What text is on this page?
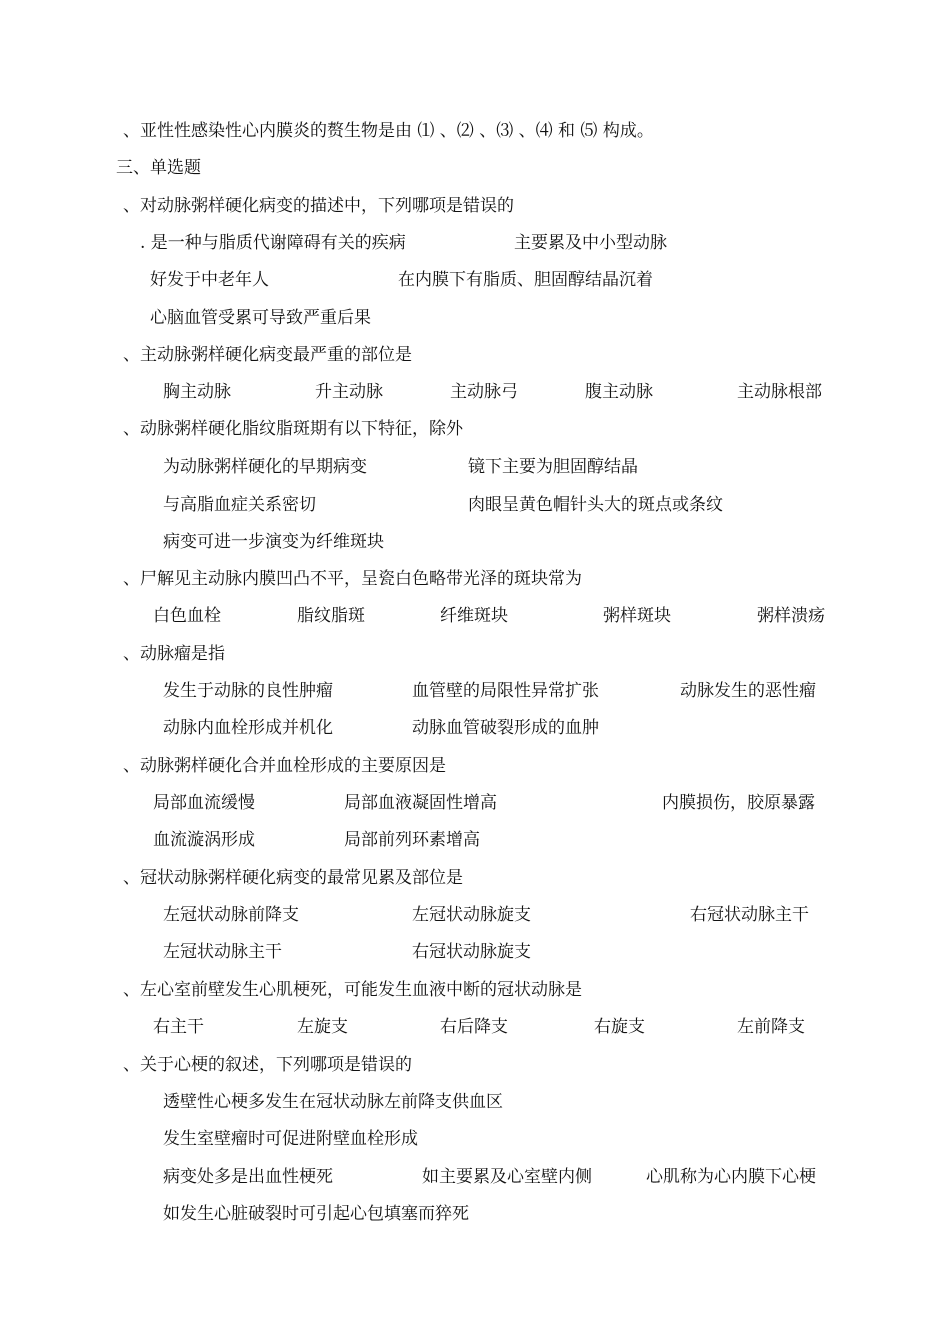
、亚性性感染性心内膜炎的赘生物是由 ⑴ 、⑵ 、⑶ 、⑷ 和 ⑸ 构成。
三、单选题
、对动脉粥样硬化病变的描述中，下列哪项是错误的
. 是一种与脂质代谢障碍有关的疾病	主要累及中小型动脉
好发于中老年人	在内膜下有脂质、胆固醇结晶沉着
心脑血管受累可导致严重后果
、主动脉粥样硬化病变最严重的部位是
胸主动脉	升主动脉	主动脉弓	腹主动脉	主动脉根部
、动脉粥样硬化脂纹脂斑期有以下特征，除外
为动脉粥样硬化的早期病变	镜下主要为胆固醇结晶
与高脂血症关系密切	肉眼呈黄色帽针头大的斑点或条纹
病变可进一步演变为纤维斑块
、尸解见主动脉内膜凹凸不平，呈瓷白色略带光泽的斑块常为
白色血栓	脂纹脂斑	纤维斑块	粥样斑块	粥样溃疡
、动脉瘤是指
发生于动脉的良性肿瘤	血管壁的局限性异常扩张	动脉发生的恶性瘤
动脉内血栓形成并机化	动脉血管破裂形成的血肿
、动脉粥样硬化合并血栓形成的主要原因是
局部血流缓慢	局部血液凝固性增高	内膜损伤，胶原暴露
血流漩涡形成	局部前列环素增高
、冠状动脉粥样硬化病变的最常见累及部位是
左冠状动脉前降支	左冠状动脉旋支	右冠状动脉主干
左冠状动脉主干	右冠状动脉旋支
、左心室前壁发生心肌梗死，可能发生血液中断的冠状动脉是
右主干	左旋支	右后降支	右旋支	左前降支
、关于心梗的叙述，下列哪项是错误的
透壁性心梗多发生在冠状动脉左前降支供血区
发生室壁瘤时可促进附壁血栓形成
病变处多是出血性梗死	如主要累及心室壁内侧	心肌称为心内膜下心梗
如发生心脏破裂时可引起心包填塞而猝死
